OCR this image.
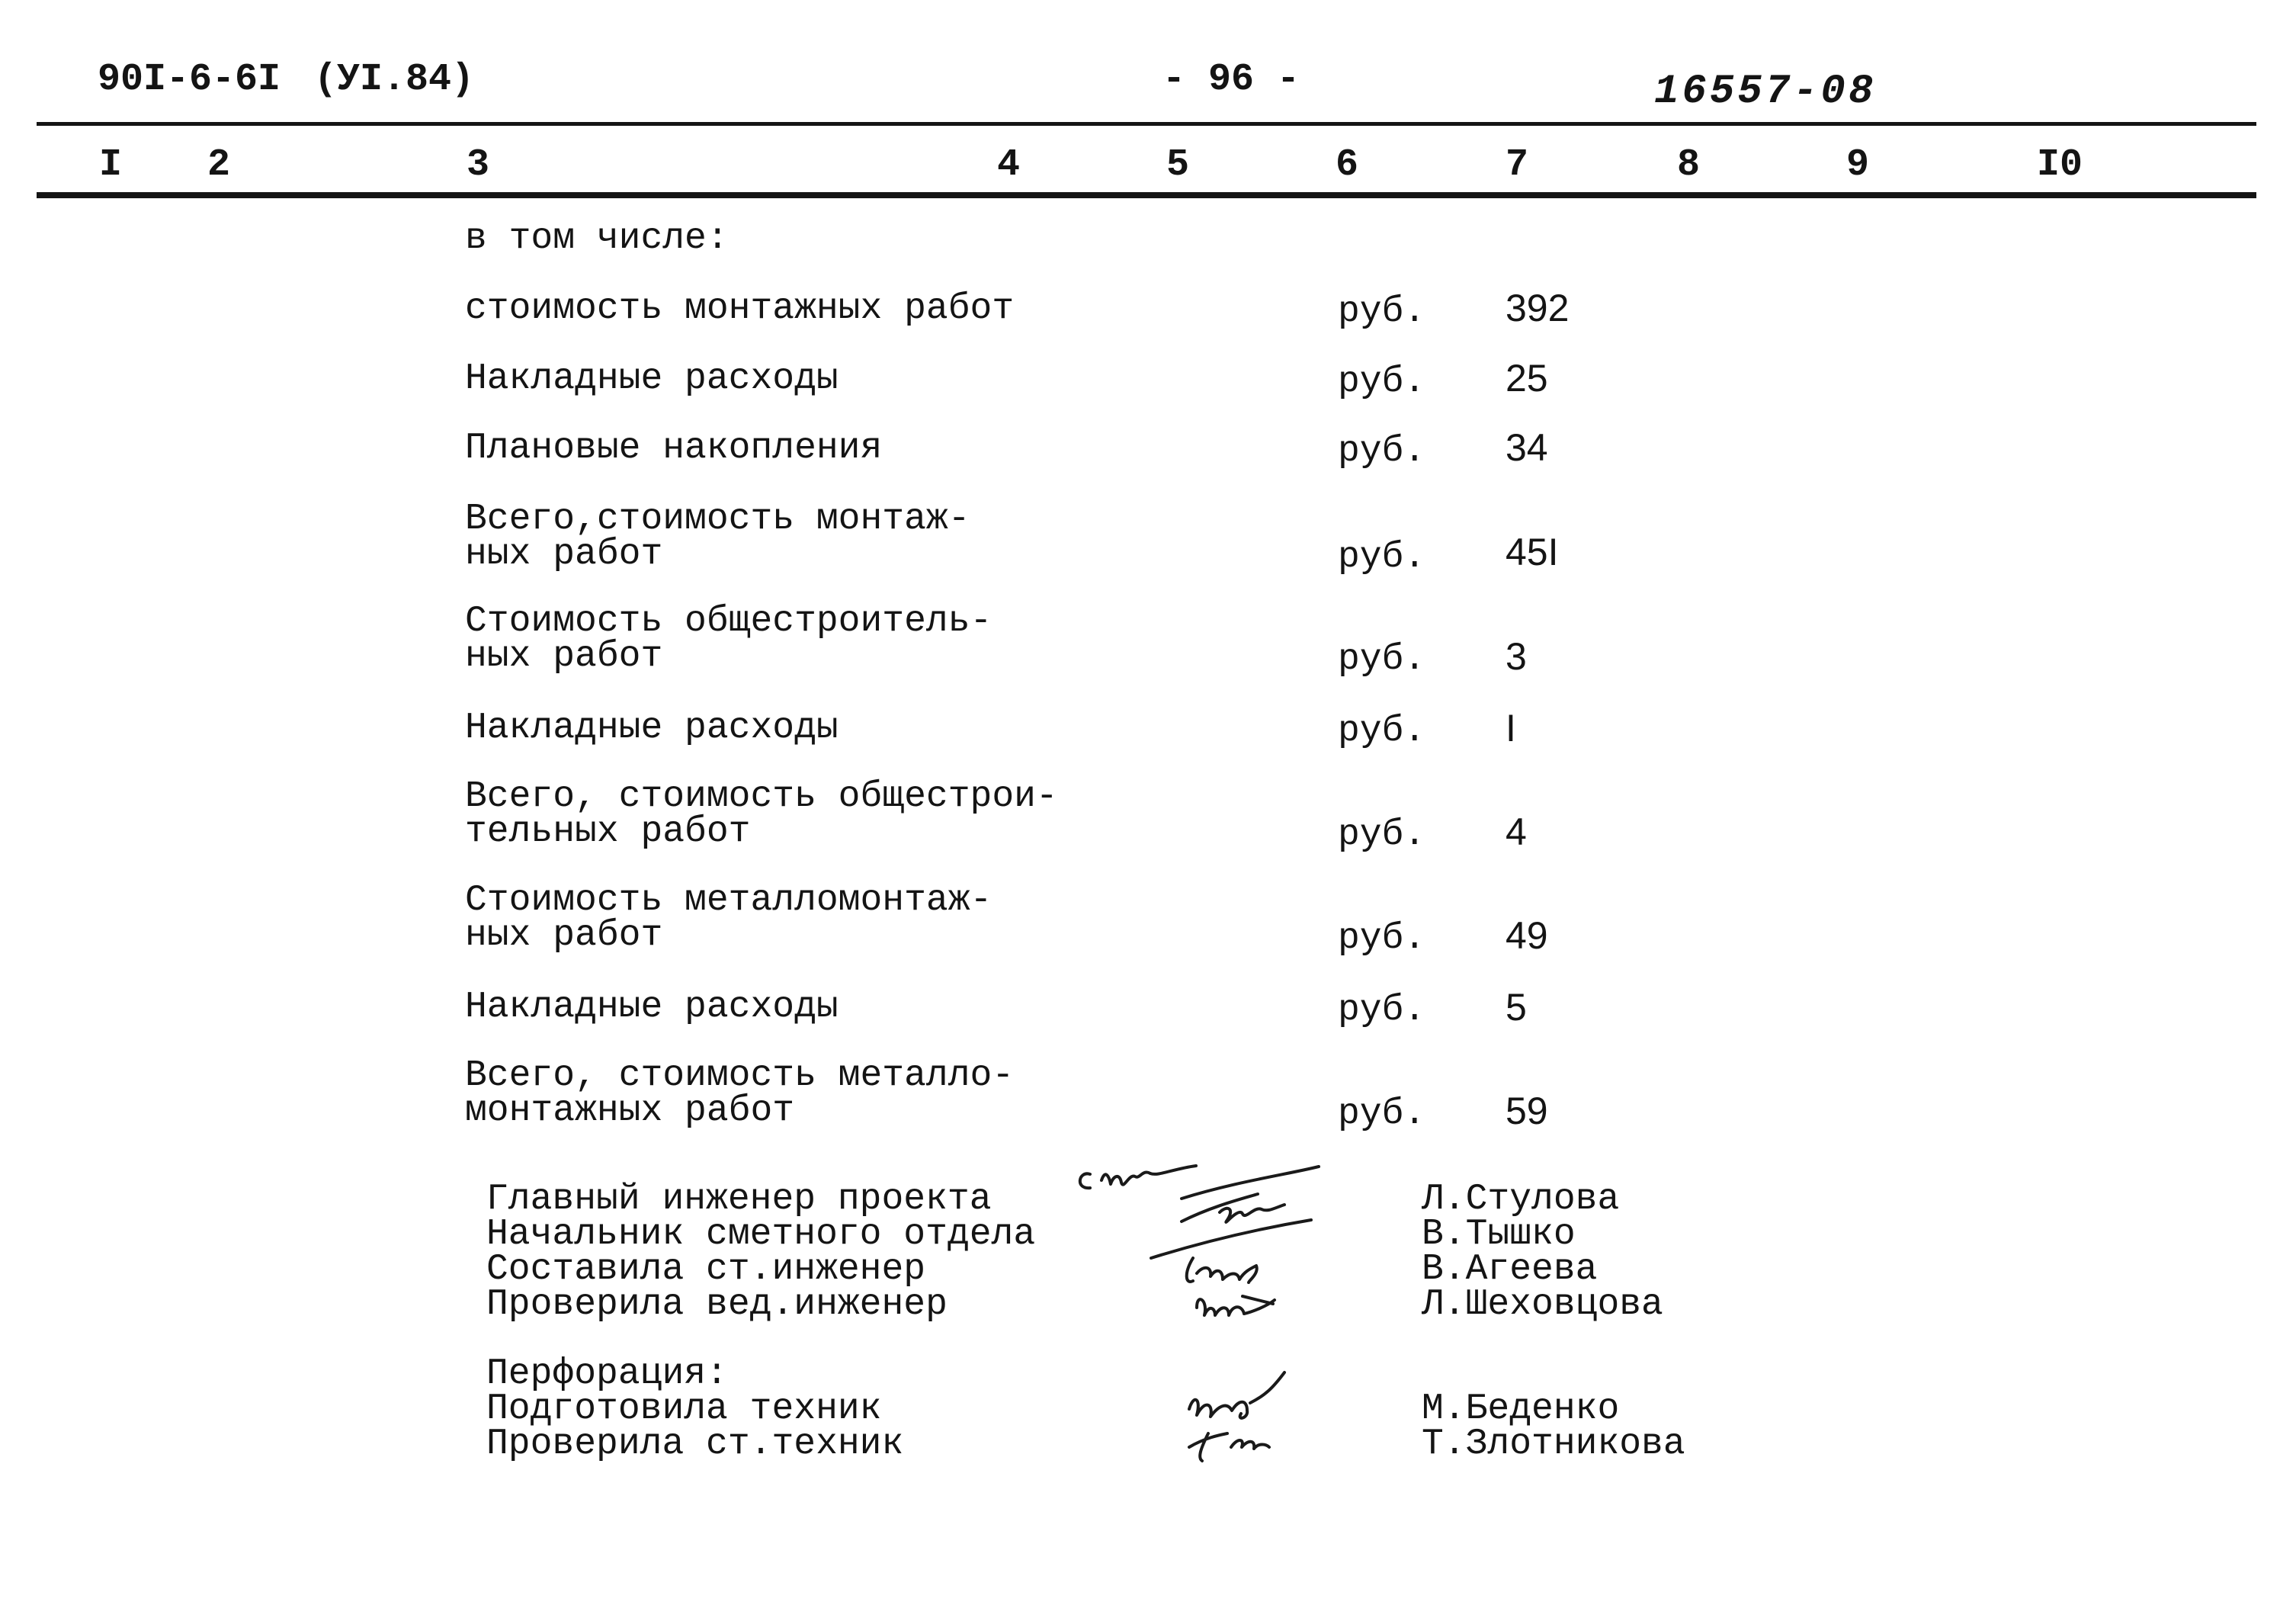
90I-6-6I (УI.84)	- 96 -	16557-08
I 2	3	4	5	6	7	8	9	I0
в том числе:
стоимость монтажных работ	руб. 392
Накладные расходы	руб. 25
Плановые накопления	руб. 34
Всего,стоимость монтаж-
ных работ	руб. 45I
Стоимость общестроитель-
ных работ	руб. 3
Накладные расходы	руб. I
Всего, стоимость общестрои-
тельных работ	руб. 4
Стоимость металломонтаж-
ных работ	руб. 49
Накладные расходы	руб. 5
Всего, стоимость металло-
монтажных работ	руб. 59
Главный инженер проекта	Л.Стулова
Начальник сметного отдела	В.Тышко
Составила ст.инженер	В.Агеева
Проверила вед.инженер	Л.Шеховцова
Перфорация:
Подготовила техник	М.Беденко
Проверила ст.техник	Т.Злотникова
